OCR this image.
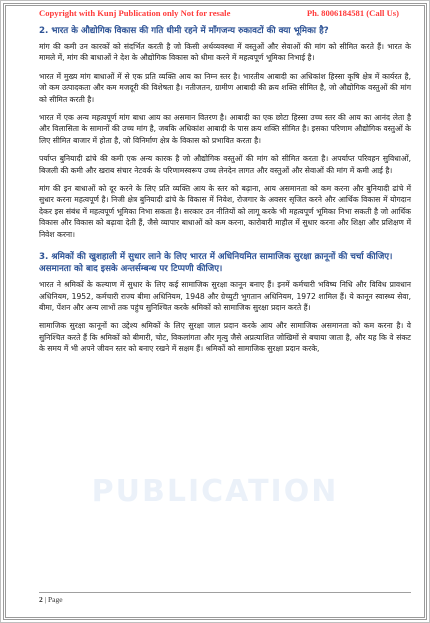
PUBLICATION
Copyright with Kunj Publication only Not for resale	Ph. 8006184581 (Call Us)
2. भारत के औद्योगिक विकास की गति धीमी रहने में माँगजन्य रुकावटों की क्या भूमिका है?

मांग की कमी उन कारकों को संदर्भित करती है जो किसी अर्थव्यवस्था में वस्तुओं और सेवाओं की मांग को सीमित करते हैं। भारत के मामले में, मांग की बाधाओं ने देश के औद्योगिक विकास को धीमा करने में महत्वपूर्ण भूमिका निभाई है।

भारत में मुख्य मांग बाधाओं में से एक प्रति व्यक्ति आय का निम्न स्तर है। भारतीय आबादी का अधिकांश हिस्सा कृषि क्षेत्र में कार्यरत है, जो कम उत्पादकता और कम मजदूरी की विशेषता है। नतीजतन, ग्रामीण आबादी की क्रय शक्ति सीमित है, जो औद्योगिक वस्तुओं की मांग को सीमित करती है।

भारत में एक अन्य महत्वपूर्ण मांग बाधा आय का असमान वितरण है। आबादी का एक छोटा हिस्सा उच्च स्तर की आय का आनंद लेता है और विलासिता के सामानों की उच्च मांग है, जबकि अधिकांश आबादी के पास क्रय शक्ति सीमित है। इसका परिणाम औद्योगिक वस्तुओं के लिए सीमित बाजार में होता है, जो विनिर्माण क्षेत्र के विकास को प्रभावित करता है।

पर्याप्त बुनियादी ढांचे की कमी एक अन्य कारक है जो औद्योगिक वस्तुओं की मांग को सीमित करता है। अपर्याप्त परिवहन सुविधाओं, बिजली की कमी और खराब संचार नेटवर्क के परिणामस्वरूप उच्च लेनदेन लागत और वस्तुओं और सेवाओं की मांग में कमी आई है।

मांग की इन बाधाओं को दूर करने के लिए प्रति व्यक्ति आय के स्तर को बढ़ाना, आय असमानता को कम करना और बुनियादी ढांचे में सुधार करना महत्वपूर्ण है। निजी क्षेत्र बुनियादी ढांचे के विकास में निवेश, रोजगार के अवसर सृजित करने और आर्थिक विकास में योगदान देकर इस संबंध में महत्वपूर्ण भूमिका निभा सकता है। सरकार उन नीतियों को लागू करके भी महत्वपूर्ण भूमिका निभा सकती है जो आर्थिक विकास और विकास को बढ़ावा देती हैं, जैसे व्यापार बाधाओं को कम करना, कारोबारी माहौल में सुधार करना और शिक्षा और प्रशिक्षण में निवेश करना।

3. श्रमिकों की खुशहाली में सुधार लाने के लिए भारत में अधिनियमित सामाजिक सुरक्षा क़ानूनों की चर्चा कीजिए। असमानता को बाद इसके अन्तर्सम्बन्ध पर टिप्पणी कीजिए।

भारत ने श्रमिकों के कल्याण में सुधार के लिए कई सामाजिक सुरक्षा कानून बनाए हैं। इनमें कर्मचारी भविष्य निधि और विविध प्रावधान अधिनियम, 1952, कर्मचारी राज्य बीमा अधिनियम, 1948 और ग्रेच्युटी भुगतान अधिनियम, 1972 शामिल हैं। ये कानून स्वास्थ्य सेवा, बीमा, पेंशन और अन्य लाभों तक पहुंच सुनिश्चित करके श्रमिकों को सामाजिक सुरक्षा प्रदान करते हैं।

सामाजिक सुरक्षा कानूनों का उद्देश्य श्रमिकों के लिए सुरक्षा जाल प्रदान करके आय और सामाजिक असमानता को कम करना है। वे सुनिश्चित करते हैं कि श्रमिकों को बीमारी, चोट, विकलांगता और मृत्यु जैसे अप्रत्याशित जोखिमों से बचाया जाता है, और यह कि वे संकट के समय में भी अपने जीवन स्तर को बनाए रखने में सक्षम हैं। श्रमिकों को सामाजिक सुरक्षा प्रदान करके,

2 | Page
